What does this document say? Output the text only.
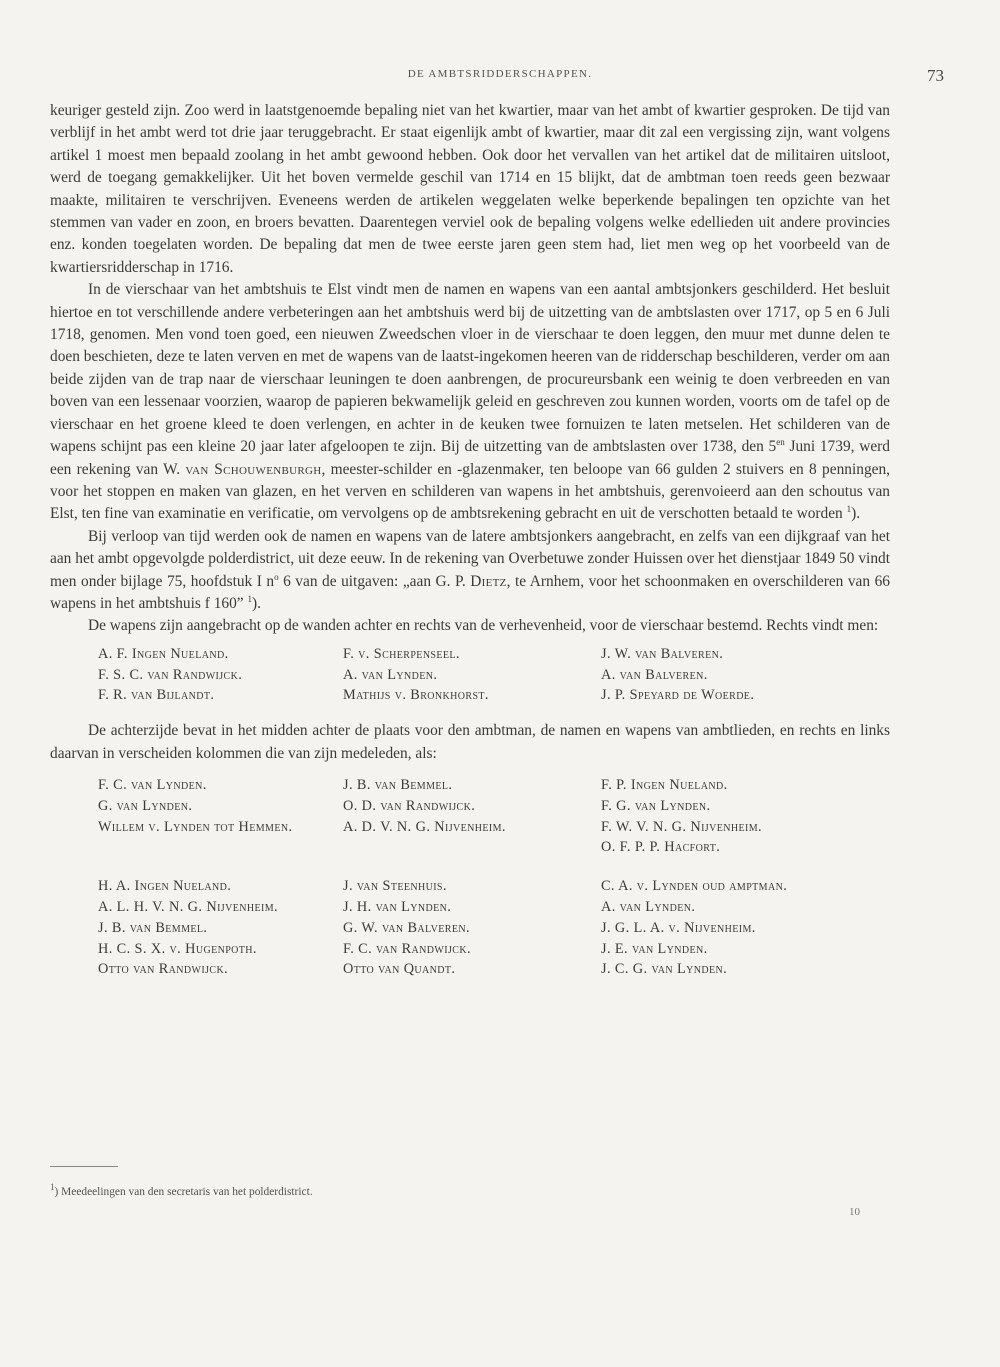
DE AMBTSRIDDERSCHAPPEN.	73

keuriger gesteld zijn. Zoo werd in laatstgenoemde bepaling niet van het kwartier, maar van het ambt of kwartier gesproken. De tijd van verblijf in het ambt werd tot drie jaar teruggebracht. Er staat eigenlijk ambt of kwartier, maar dit zal een vergissing zijn, want volgens artikel 1 moest men bepaald zoolang in het ambt gewoond hebben. Ook door het vervallen van het artikel dat de militairen uitsloot, werd de toegang gemakkelijker. Uit het boven vermelde geschil van 1714 en 15 blijkt, dat de ambtman toen reeds geen bezwaar maakte, militairen te verschrijven. Eveneens werden de artikelen weggelaten welke beperkende bepalingen ten opzichte van het stemmen van vader en zoon, en broers bevatten. Daarentegen verviel ook de bepaling volgens welke edellieden uit andere provincies enz. konden toegelaten worden. De bepaling dat men de twee eerste jaren geen stem had, liet men weg op het voorbeeld van de kwartiersridderschap in 1716.

In de vierschaar van het ambtshuis te Elst vindt men de namen en wapens van een aantal ambtsjonkers geschilderd. Het besluit hiertoe en tot verschillende andere verbeteringen aan het ambtshuis werd bij de uitzetting van de ambtslasten over 1717, op 5 en 6 Juli 1718, genomen. Men vond toen goed, een nieuwen Zweedschen vloer in de vierschaar te doen leggen, den muur met dunne delen te doen beschieten, deze te laten verven en met de wapens van de laatst-ingekomen heeren van de ridderschap beschilderen, verder om aan beide zijden van de trap naar de vierschaar leuningen te doen aanbrengen, de procureursbank een weinig te doen verbreeden en van boven van een lessenaar voorzien, waarop de papieren bekwamelijk geleid en geschreven zou kunnen worden, voorts om de tafel op de vierschaar en het groene kleed te doen verlengen, en achter in de keuken twee fornuizen te laten metselen. Het schilderen van de wapens schijnt pas een kleine 20 jaar later afgeloopen te zijn. Bij de uitzetting van de ambtslasten over 1738, den $5^{en}$ Juni 1739, werd een rekening van W. van Schouwenburgh, meester-schilder en -glazenmaker, ten beloope van 66 gulden 2 stuivers en 8 penningen, voor het stoppen en maken van glazen, en het verven en schilderen van wapens in het ambtshuis, gerenvoieerd aan den schoutus van Elst, ten fine van examinatie en verificatie, om vervolgens op de ambtsrekening gebracht en uit de verschotten betaald te worden $^1$).

Bij verloop van tijd werden ook de namen en wapens van de latere ambtsjonkers aangebracht, en zelfs van een dijkgraaf van het aan het ambt opgevolgde polderdistrict, uit deze eeuw. In de rekening van Overbetuwe zonder Huissen over het dienstjaar 1849 50 vindt men onder bijlage 75, hoofdstuk I $n^o$ 6 van de uitgaven: „aan G. P. Dietz, te Arnhem, voor het schoonmaken en overschilderen van 66 wapens in het ambtshuis f 160” $^1$).

De wapens zijn aangebracht op de wanden achter en rechts van de verhevenheid, voor de vierschaar bestemd. Rechts vindt men:

A. F. Ingen Nueland.
F. S. C. van Randwijck.
F. R. van Bijlandt.
F. v. Scherpenseel.
A. van Lynden.
Mathijs v. Bronkhorst.
J. W. van Balveren.
A. van Balveren.
J. P. Speyard de Woerde.

De achterzijde bevat in het midden achter de plaats voor den ambtman, de namen en wapens van ambtlieden, en rechts en links daarvan in verscheiden kolommen die van zijn medeleden, als:

F. C. van Lynden.
G. van Lynden.
Willem v. Lynden tot Hemmen.
J. B. van Bemmel.
O. D. van Randwijck.
A. D. V. N. G. Nijvenheim.
F. P. Ingen Nueland.
F. G. van Lynden.
F. W. V. N. G. Nijvenheim.
O. F. P. P. Hacfort.
H. A. Ingen Nueland.
A. L. H. V. N. G. Nijvenheim.
J. B. van Bemmel.
H. C. S. X. v. Hugenpoth.
Otto van Randwijck.
J. van Steenhuis.
J. H. van Lynden.
G. W. van Balveren.
F. C. van Randwijck.
Otto van Quandt.
C. A. v. Lynden oud amptman.
A. van Lynden.
J. G. L. A. v. Nijvenheim.
J. E. van Lynden.
J. C. G. van Lynden.
$^1$) Meedeelingen van den secretaris van het polderdistrict.
10
